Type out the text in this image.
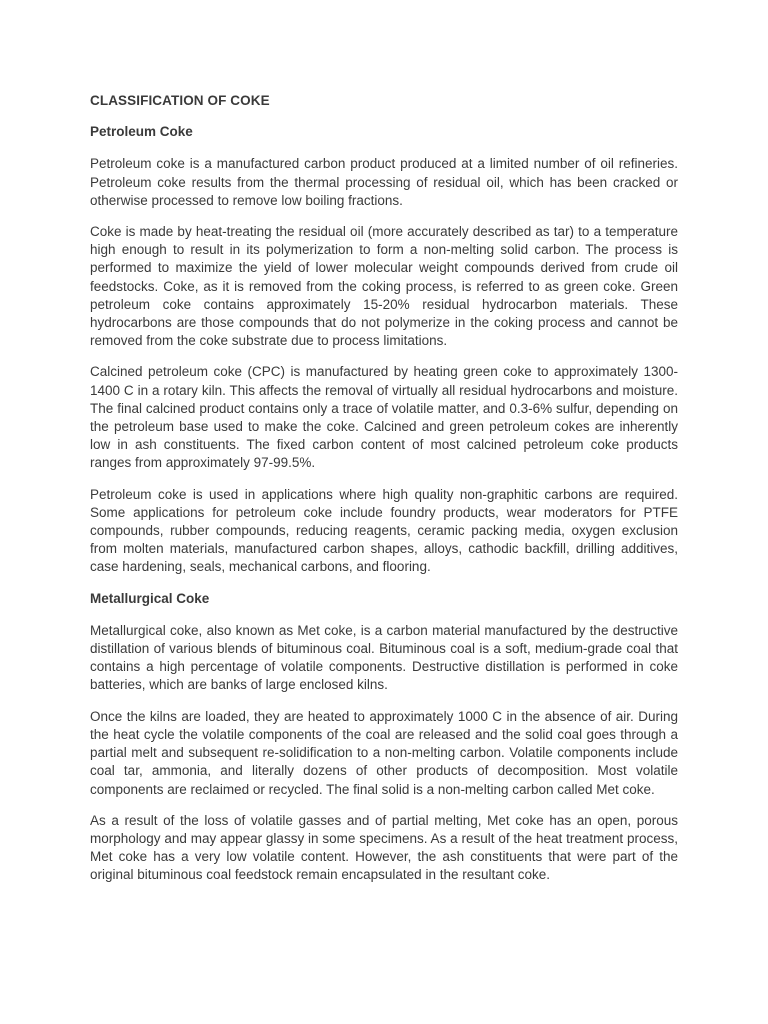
CLASSIFICATION OF COKE
Petroleum Coke

Petroleum coke is a manufactured carbon product produced at a limited number of oil refineries. Petroleum coke results from the thermal processing of residual oil, which has been cracked or otherwise processed to remove low boiling fractions.

Coke is made by heat-treating the residual oil (more accurately described as tar) to a temperature high enough to result in its polymerization to form a non-melting solid carbon. The process is performed to maximize the yield of lower molecular weight compounds derived from crude oil feedstocks. Coke, as it is removed from the coking process, is referred to as green coke. Green petroleum coke contains approximately 15-20% residual hydrocarbon materials. These hydrocarbons are those compounds that do not polymerize in the coking process and cannot be removed from the coke substrate due to process limitations.

Calcined petroleum coke (CPC) is manufactured by heating green coke to approximately 1300-1400 C in a rotary kiln. This affects the removal of virtually all residual hydrocarbons and moisture. The final calcined product contains only a trace of volatile matter, and 0.3-6% sulfur, depending on the petroleum base used to make the coke. Calcined and green petroleum cokes are inherently low in ash constituents. The fixed carbon content of most calcined petroleum coke products ranges from approximately 97-99.5%.

Petroleum coke is used in applications where high quality non-graphitic carbons are required. Some applications for petroleum coke include foundry products, wear moderators for PTFE compounds, rubber compounds, reducing reagents, ceramic packing media, oxygen exclusion from molten materials, manufactured carbon shapes, alloys, cathodic backfill, drilling additives, case hardening, seals, mechanical carbons, and flooring.

Metallurgical Coke

Metallurgical coke, also known as Met coke, is a carbon material manufactured by the destructive distillation of various blends of bituminous coal. Bituminous coal is a soft, medium-grade coal that contains a high percentage of volatile components. Destructive distillation is performed in coke batteries, which are banks of large enclosed kilns.

Once the kilns are loaded, they are heated to approximately 1000 C in the absence of air. During the heat cycle the volatile components of the coal are released and the solid coal goes through a partial melt and subsequent re-solidification to a non-melting carbon. Volatile components include coal tar, ammonia, and literally dozens of other products of decomposition. Most volatile components are reclaimed or recycled. The final solid is a non-melting carbon called Met coke.

As a result of the loss of volatile gasses and of partial melting, Met coke has an open, porous morphology and may appear glassy in some specimens. As a result of the heat treatment process, Met coke has a very low volatile content. However, the ash constituents that were part of the original bituminous coal feedstock remain encapsulated in the resultant coke.
